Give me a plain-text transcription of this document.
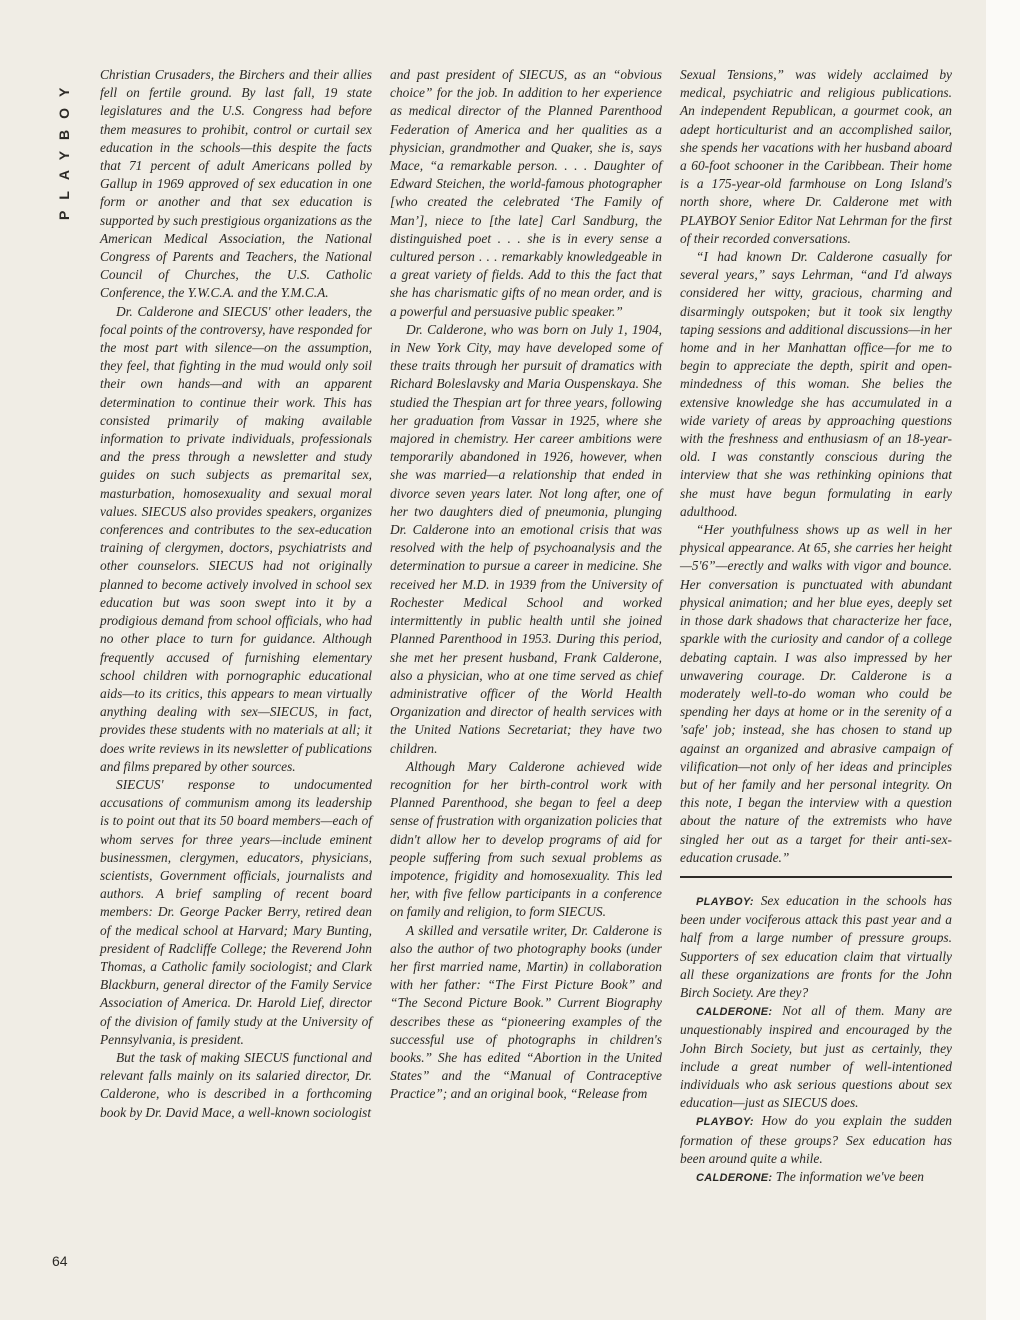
PLAYBOY

Christian Crusaders, the Birchers and their allies fell on fertile ground. By last fall, 19 state legislatures and the U.S. Congress had before them measures to prohibit, control or curtail sex education in the schools—this despite the facts that 71 percent of adult Americans polled by Gallup in 1969 approved of sex education in one form or another and that sex education is supported by such prestigious organizations as the American Medical Association, the National Congress of Parents and Teachers, the National Council of Churches, the U.S. Catholic Conference, the Y.W.C.A. and the Y.M.C.A.

Dr. Calderone and SIECUS' other leaders, the focal points of the controversy, have responded for the most part with silence—on the assumption, they feel, that fighting in the mud would only soil their own hands—and with an apparent determination to continue their work. This has consisted primarily of making available information to private individuals, professionals and the press through a newsletter and study guides on such subjects as premarital sex, masturbation, homosexuality and sexual moral values. SIECUS also provides speakers, organizes conferences and contributes to the sex-education training of clergymen, doctors, psychiatrists and other counselors. SIECUS had not originally planned to become actively involved in school sex education but was soon swept into it by a prodigious demand from school officials, who had no other place to turn for guidance. Although frequently accused of furnishing elementary school children with pornographic educational aids—to its critics, this appears to mean virtually anything dealing with sex—SIECUS, in fact, provides these students with no materials at all; it does write reviews in its newsletter of publications and films prepared by other sources.

SIECUS' response to undocumented accusations of communism among its leadership is to point out that its 50 board members—each of whom serves for three years—include eminent businessmen, clergymen, educators, physicians, scientists, Government officials, journalists and authors. A brief sampling of recent board members: Dr. George Packer Berry, retired dean of the medical school at Harvard; Mary Bunting, president of Radcliffe College; the Reverend John Thomas, a Catholic family sociologist; and Clark Blackburn, general director of the Family Service Association of America. Dr. Harold Lief, director of the division of family study at the University of Pennsylvania, is president.

But the task of making SIECUS functional and relevant falls mainly on its salaried director, Dr. Calderone, who is described in a forthcoming book by Dr. David Mace, a well-known sociologist

and past president of SIECUS, as an “obvious choice” for the job. In addition to her experience as medical director of the Planned Parenthood Federation of America and her qualities as a physician, grandmother and Quaker, she is, says Mace, “a remarkable person. . . . Daughter of Edward Steichen, the world-famous photographer [who created the celebrated ‘The Family of Man’], niece to [the late] Carl Sandburg, the distinguished poet . . . she is in every sense a cultured person . . . remarkably knowledgeable in a great variety of fields. Add to this the fact that she has charismatic gifts of no mean order, and is a powerful and persuasive public speaker.”

Dr. Calderone, who was born on July 1, 1904, in New York City, may have developed some of these traits through her pursuit of dramatics with Richard Boleslavsky and Maria Ouspenskaya. She studied the Thespian art for three years, following her graduation from Vassar in 1925, where she majored in chemistry. Her career ambitions were temporarily abandoned in 1926, however, when she was married—a relationship that ended in divorce seven years later. Not long after, one of her two daughters died of pneumonia, plunging Dr. Calderone into an emotional crisis that was resolved with the help of psychoanalysis and the determination to pursue a career in medicine. She received her M.D. in 1939 from the University of Rochester Medical School and worked intermittently in public health until she joined Planned Parenthood in 1953. During this period, she met her present husband, Frank Calderone, also a physician, who at one time served as chief administrative officer of the World Health Organization and director of health services with the United Nations Secretariat; they have two children.

Although Mary Calderone achieved wide recognition for her birth-control work with Planned Parenthood, she began to feel a deep sense of frustration with organization policies that didn't allow her to develop programs of aid for people suffering from such sexual problems as impotence, frigidity and homosexuality. This led her, with five fellow participants in a conference on family and religion, to form SIECUS.

A skilled and versatile writer, Dr. Calderone is also the author of two photography books (under her first married name, Martin) in collaboration with her father: “The First Picture Book” and “The Second Picture Book.” Current Biography describes these as “pioneering examples of the successful use of photographs in children's books.” She has edited “Abortion in the United States” and the “Manual of Contraceptive Practice”; and an original book, “Release from

Sexual Tensions,” was widely acclaimed by medical, psychiatric and religious publications. An independent Republican, a gourmet cook, an adept horticulturist and an accomplished sailor, she spends her vacations with her husband aboard a 60-foot schooner in the Caribbean. Their home is a 175-year-old farmhouse on Long Island's north shore, where Dr. Calderone met with PLAYBOY Senior Editor Nat Lehrman for the first of their recorded conversations.

“I had known Dr. Calderone casually for several years,” says Lehrman, “and I'd always considered her witty, gracious, charming and disarmingly outspoken; but it took six lengthy taping sessions and additional discussions—in her home and in her Manhattan office—for me to begin to appreciate the depth, spirit and open-mindedness of this woman. She belies the extensive knowledge she has accumulated in a wide variety of areas by approaching questions with the freshness and enthusiasm of an 18-year-old. I was constantly conscious during the interview that she was rethinking opinions that she must have begun formulating in early adulthood.

“Her youthfulness shows up as well in her physical appearance. At 65, she carries her height—5'6”—erectly and walks with vigor and bounce. Her conversation is punctuated with abundant physical animation; and her blue eyes, deeply set in those dark shadows that characterize her face, sparkle with the curiosity and candor of a college debating captain. I was also impressed by her unwavering courage. Dr. Calderone is a moderately well-to-do woman who could be spending her days at home or in the serenity of a 'safe' job; instead, she has chosen to stand up against an organized and abrasive campaign of vilification—not only of her ideas and principles but of her family and her personal integrity. On this note, I began the interview with a question about the nature of the extremists who have singled her out as a target for their anti-sex-education crusade.”

PLAYBOY: Sex education in the schools has been under vociferous attack this past year and a half from a large number of pressure groups. Supporters of sex education claim that virtually all these organizations are fronts for the John Birch Society. Are they?

CALDERONE: Not all of them. Many are unquestionably inspired and encouraged by the John Birch Society, but just as certainly, they include a great number of well-intentioned individuals who ask serious questions about sex education—just as SIECUS does.

PLAYBOY: How do you explain the sudden formation of these groups? Sex education has been around quite a while.

CALDERONE: The information we've been

64
